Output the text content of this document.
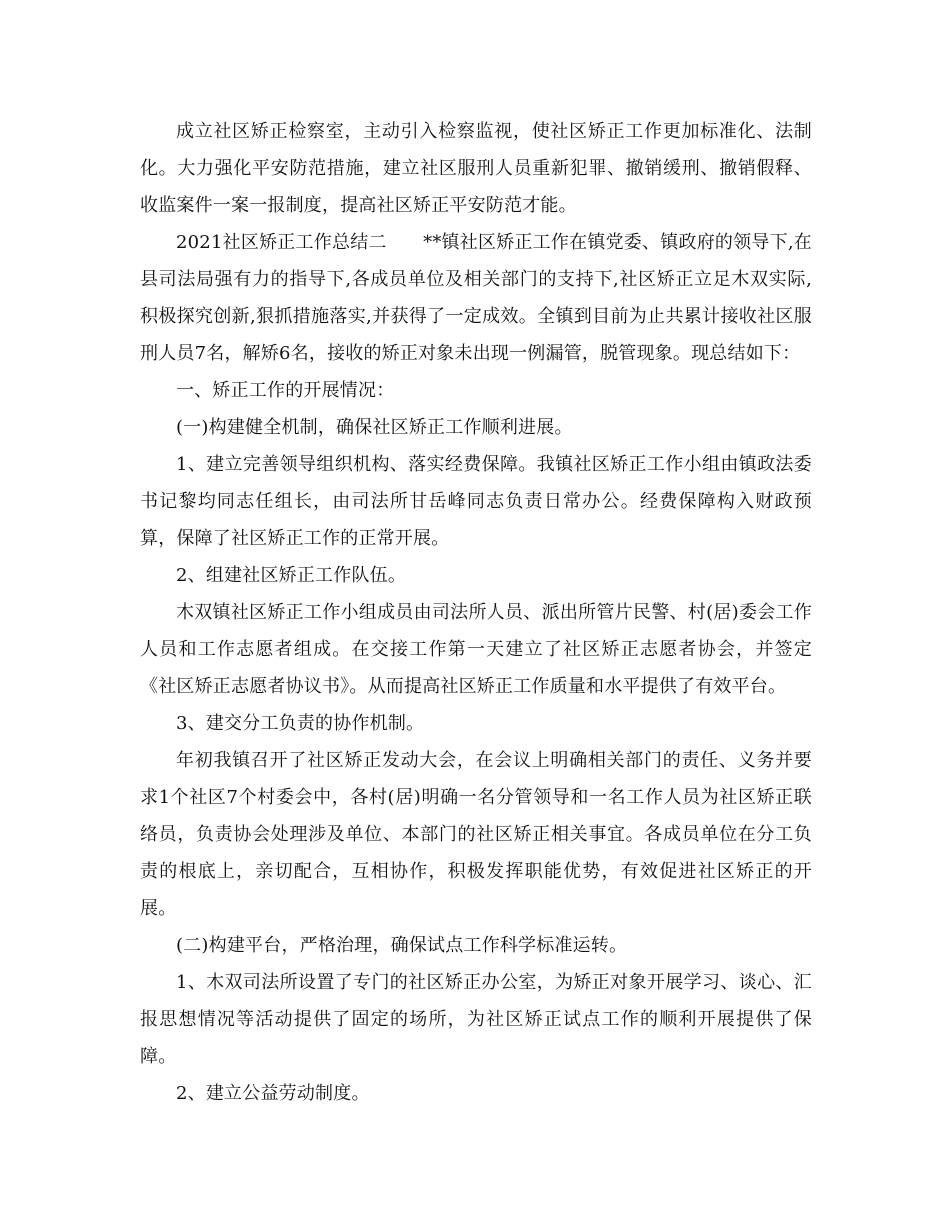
成立社区矫正检察室，主动引入检察监视，使社区矫正工作更加标准化、法制化。大力强化平安防范措施，建立社区服刑人员重新犯罪、撤销缓刑、撤销假释、收监案件一案一报制度，提高社区矫正平安防范才能。

2021社区矫正工作总结二　　**镇社区矫正工作在镇党委、镇政府的领导下,在县司法局强有力的指导下,各成员单位及相关部门的支持下,社区矫正立足木双实际,积极探究创新,狠抓措施落实,并获得了一定成效。全镇到目前为止共累计接收社区服刑人员7名，解矫6名，接收的矫正对象未出现一例漏管，脱管现象。现总结如下：

一、矫正工作的开展情况：

(一)构建健全机制，确保社区矫正工作顺利进展。

1、建立完善领导组织机构、落实经费保障。我镇社区矫正工作小组由镇政法委书记黎均同志任组长，由司法所甘岳峰同志负责日常办公。经费保障构入财政预算，保障了社区矫正工作的正常开展。

2、组建社区矫正工作队伍。

木双镇社区矫正工作小组成员由司法所人员、派出所管片民警、村(居)委会工作人员和工作志愿者组成。在交接工作第一天建立了社区矫正志愿者协会，并签定《社区矫正志愿者协议书》。从而提高社区矫正工作质量和水平提供了有效平台。

3、建交分工负责的协作机制。

年初我镇召开了社区矫正发动大会，在会议上明确相关部门的责任、义务并要求1个社区7个村委会中，各村(居)明确一名分管领导和一名工作人员为社区矫正联络员，负责协会处理涉及单位、本部门的社区矫正相关事宜。各成员单位在分工负责的根底上，亲切配合，互相协作，积极发挥职能优势，有效促进社区矫正的开展。

(二)构建平台，严格治理，确保试点工作科学标准运转。

1、木双司法所设置了专门的社区矫正办公室，为矫正对象开展学习、谈心、汇报思想情况等活动提供了固定的场所，为社区矫正试点工作的顺利开展提供了保障。

2、建立公益劳动制度。
